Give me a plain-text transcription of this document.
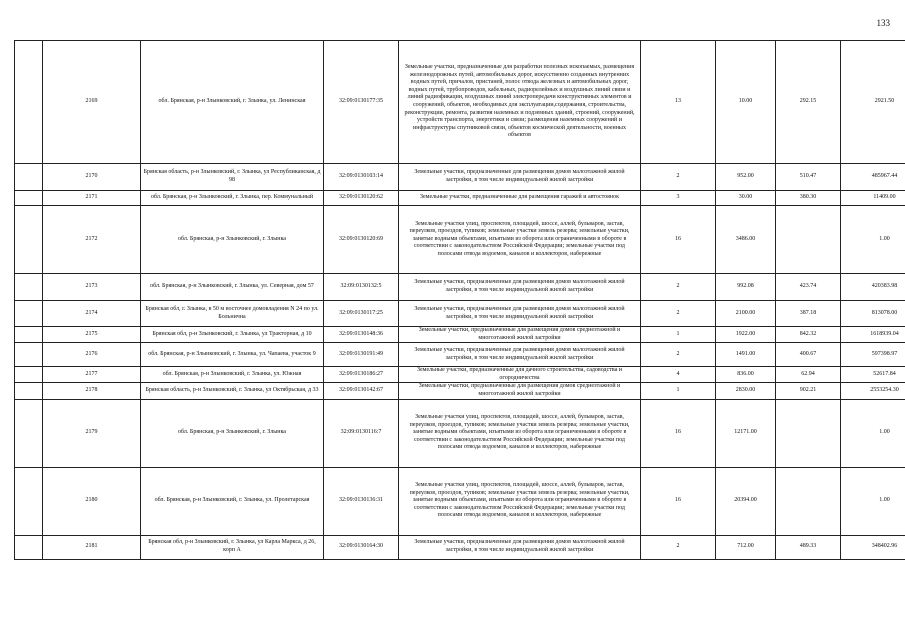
133
	2169	обл. Брянская, р-н Злынковский, г. Злынка, ул. Ленинская	32:09:0130177:35	Земельные участки, предназначенные для разработки полезных ископаемых, размещения железнодорожных путей, автомобильных дорог, искусственно созданных внутренних водных путей, причалов, пристаней, полос отвода железных и автомобильных дорог, водных путей, трубопроводов, кабельных, радиорелейных и воздушных линий связи и линий радиофикации, воздушных линий электропередачи конструктивных элементов и сооружений, объектов, необходимых для эксплуатации,содержания, строительства, реконструкции, ремонта, развития наземных и подземных зданий, строений, сооружений, устройств транспорта, энергетики и связи; размещения наземных сооружений и инфраструктуры спутниковой связи, объектов космической деятельности, военных объектов	13	10.00	292.15	2921.50
	2170	Брянская область, р-н Злынковский, г. Злынка, ул Республиканская, д 98	32:09:0130103:14	Земельные участки, предназначенные для размещения домов малоэтажной жилой застройки, в том числе индивидуальной жилой застройки	2	952.00	510.47	485967.44
	2171	обл. Брянская, р-н Злынковский, г. Злынка, пер. Коммунальный	32:09:0130120:62	Земельные участки, предназначенные для размещения гаражей и автостоянок	3	30.00	380.30	11409.00
	2172	обл. Брянская, р-н Злынковский, г. Злынка	32:09:0130120:69	Земельные участки улиц, проспектов, площадей, шоссе, аллей, бульваров, застав, переулков, проездов, тупиков; земельные участки земель резерва; земельные участки, занятые водными объектами, изъятыми из оборота или ограниченными в обороте в соответствии с законодательством Российской Федерации; земельные участки под полосами отвода водоемов, каналов и коллекторов, набережные	16	3486.00		1.00
	2173	обл. Брянская, р-н Злынковский, г. Злынка, ул. Северная, дом 57	32:09:0130132:5	Земельные участки, предназначенные для размещения домов малоэтажной жилой застройки, в том числе индивидуальной жилой застройки	2	992.08	423.74	420383.98
	2174	Брянская обл, г. Злынка, в 50 м восточнее домовладения N 24 по ул. Больнична	32:09:0130117:25	Земельные участки, предназначенные для размещения домов малоэтажной жилой застройки, в том числе индивидуальной жилой застройки	2	2100.00	387.18	813078.00
	2175	Брянская обл, р-н Злынковский, г. Злынка, ул Тракторная, д 10	32:09:0130148:36	Земельные участки, предназначенные для размещения домов среднеэтажной и многоэтажной жилой застройки	1	1922.00	842.32	1618939.04
	2176	обл. Брянская, р-н Злынковский, г. Злынка, ул. Чапаева, участок 9	32:09:0130191:49	Земельные участки, предназначенные для размещения домов малоэтажной жилой застройки, в том числе индивидуальной жилой застройки	2	1491.00	400.67	597398.97
	2177	обл. Брянская, р-н Злынковский, г. Злынка, ул. Южная	32:09:0130186:27	Земельные участки, предназначенные для дачного строительства, садоводства и огородничества	4	836.00	62.94	52617.84
	2178	Брянская область, р-н Злынковский, г. Злынка, ул Октябрьская, д 33	32:09:0130142:67	Земельные участки, предназначенные для размещения домов среднеэтажной и многоэтажной жилой застройки	1	2830.00	902.21	2553254.30
	2179	обл. Брянская, р-н Злынковский, г. Злынка	32:09:0130116:7	Земельные участки улиц, проспектов, площадей, шоссе, аллей, бульваров, застав, переулков, проездов, тупиков; земельные участки земель резерва; земельные участки, занятые водными объектами, изъятыми из оборота или ограниченными в обороте в соответствии с законодательством Российской Федерации; земельные участки под полосами отвода водоемов, каналов и коллекторов, набережные	16	12171.00		1.00
	2180	обл. Брянская, р-н Злынковский, г. Злынка, ул. Пролетарская	32:09:0130136:31	Земельные участки улиц, проспектов, площадей, шоссе, аллей, бульваров, застав, переулков, проездов, тупиков; земельные участки земель резерва; земельные участки, занятые водными объектами, изъятыми из оборота или ограниченными в обороте в соответствии с законодательством Российской Федерации; земельные участки под полосами отвода водоемов, каналов и коллекторов, набережные	16	20394.00		1.00
	2181	Брянская обл, р-н Злынковский, г. Злынка, ул Карла Маркса, д 26, корп А	32:09:0130164:30	Земельные участки, предназначенные для размещения домов малоэтажной жилой застройки, в том числе индивидуальной жилой застройки	2	712.00	489.33	348402.96
